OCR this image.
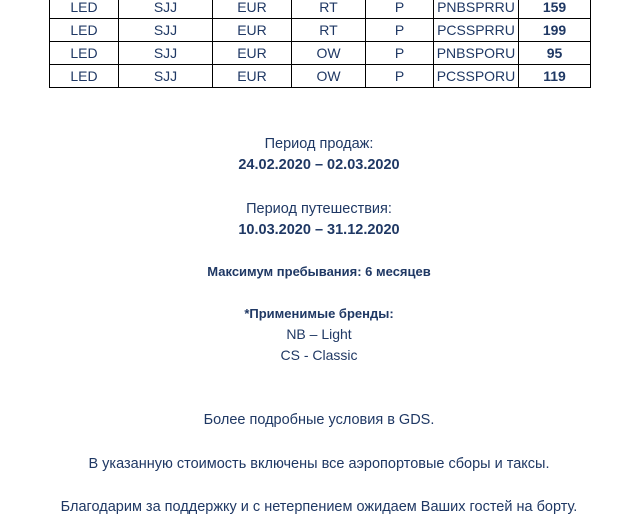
LED	SJJ	EUR	RT	P	PNBSPRRU	159
LED	SJJ	EUR	RT	P	PCSSPRRU	199
LED	SJJ	EUR	OW	P	PNBSPORU	95
LED	SJJ	EUR	OW	P	PCSSPORU	119
Период продаж:
24.02.2020 – 02.03.2020
Период путешествия:
10.03.2020 – 31.12.2020
Максимум пребывания: 6 месяцев
*Применимые бренды:
NB – Light
CS - Classic
Более подробные условия в GDS.
В указанную стоимость включены все аэропортовые сборы и таксы.
Благодарим за поддержку и с нетерпением ожидаем Ваших гостей на борту.
